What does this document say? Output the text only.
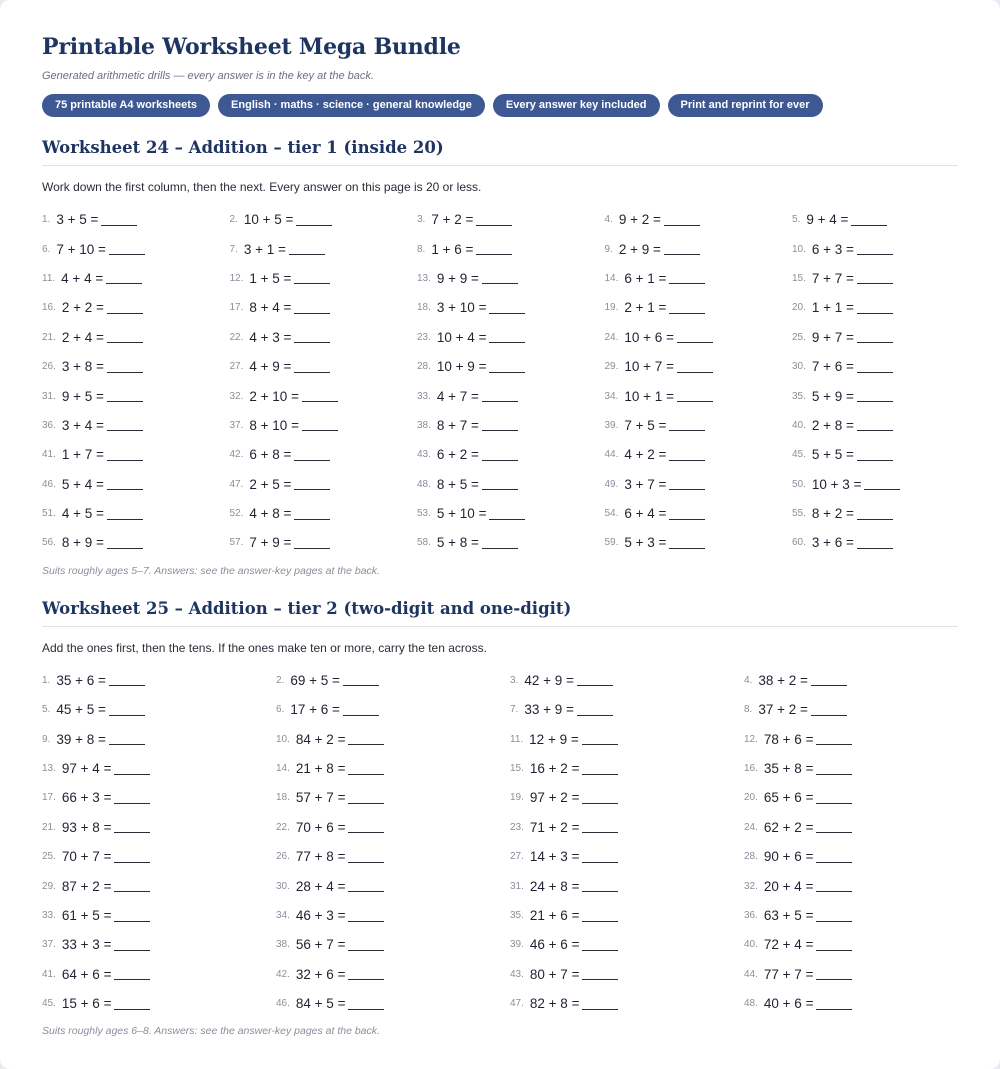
Printable Worksheet Mega Bundle

Generated arithmetic drills — every answer is in the key at the back.

75 printable A4 worksheets	English · maths · science · general knowledge	Every answer key included	Print and reprint for ever
Worksheet 24 – Addition – tier 1 (inside 20)

Work down the first column, then the next. Every answer on this page is 20 or less.

1. 3 + 5 =	2. 10 + 5 =	3. 7 + 2 =	4. 9 + 2 =	5. 9 + 4 =
6. 7 + 10 =	7. 3 + 1 =	8. 1 + 6 =	9. 2 + 9 =	10. 6 + 3 =
11. 4 + 4 =	12. 1 + 5 =	13. 9 + 9 =	14. 6 + 1 =	15. 7 + 7 =
16. 2 + 2 =	17. 8 + 4 =	18. 3 + 10 =	19. 2 + 1 =	20. 1 + 1 =
21. 2 + 4 =	22. 4 + 3 =	23. 10 + 4 =	24. 10 + 6 =	25. 9 + 7 =
26. 3 + 8 =	27. 4 + 9 =	28. 10 + 9 =	29. 10 + 7 =	30. 7 + 6 =
31. 9 + 5 =	32. 2 + 10 =	33. 4 + 7 =	34. 10 + 1 =	35. 5 + 9 =
36. 3 + 4 =	37. 8 + 10 =	38. 8 + 7 =	39. 7 + 5 =	40. 2 + 8 =
41. 1 + 7 =	42. 6 + 8 =	43. 6 + 2 =	44. 4 + 2 =	45. 5 + 5 =
46. 5 + 4 =	47. 2 + 5 =	48. 8 + 5 =	49. 3 + 7 =	50. 10 + 3 =
51. 4 + 5 =	52. 4 + 8 =	53. 5 + 10 =	54. 6 + 4 =	55. 8 + 2 =
56. 8 + 9 =	57. 7 + 9 =	58. 5 + 8 =	59. 5 + 3 =	60. 3 + 6 =

Suits roughly ages 5–7. Answers: see the answer-key pages at the back.

Worksheet 25 – Addition – tier 2 (two-digit and one-digit)

Add the ones first, then the tens. If the ones make ten or more, carry the ten across.

1. 35 + 6 =	2. 69 + 5 =	3. 42 + 9 =	4. 38 + 2 =
5. 45 + 5 =	6. 17 + 6 =	7. 33 + 9 =	8. 37 + 2 =
9. 39 + 8 =	10. 84 + 2 =	11. 12 + 9 =	12. 78 + 6 =
13. 97 + 4 =	14. 21 + 8 =	15. 16 + 2 =	16. 35 + 8 =
17. 66 + 3 =	18. 57 + 7 =	19. 97 + 2 =	20. 65 + 6 =
21. 93 + 8 =	22. 70 + 6 =	23. 71 + 2 =	24. 62 + 2 =
25. 70 + 7 =	26. 77 + 8 =	27. 14 + 3 =	28. 90 + 6 =
29. 87 + 2 =	30. 28 + 4 =	31. 24 + 8 =	32. 20 + 4 =
33. 61 + 5 =	34. 46 + 3 =	35. 21 + 6 =	36. 63 + 5 =
37. 33 + 3 =	38. 56 + 7 =	39. 46 + 6 =	40. 72 + 4 =
41. 64 + 6 =	42. 32 + 6 =	43. 80 + 7 =	44. 77 + 7 =
45. 15 + 6 =	46. 84 + 5 =	47. 82 + 8 =	48. 40 + 6 =

Suits roughly ages 6–8. Answers: see the answer-key pages at the back.
